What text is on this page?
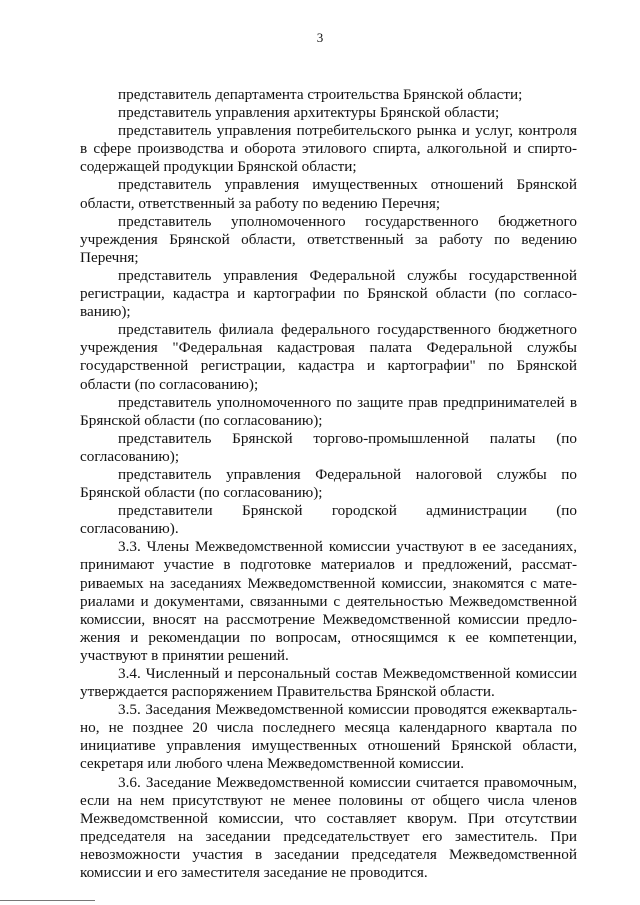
3

представитель департамента строительства Брянской области;

представитель управления архитектуры Брянской области;

представитель управления потребительского рынка и услуг, контроля в сфере производства и оборота этилового спирта, алкогольной и спиртосодержащей продукции Брянской области;

представитель управления имущественных отношений Брянской области, ответственный за работу по ведению Перечня;

представитель уполномоченного государственного бюджетного учреждения Брянской области, ответственный за работу по ведению Перечня;

представитель управления Федеральной службы государственной регистрации, кадастра и картографии по Брянской области (по согласованию);

представитель филиала федерального государственного бюджетного учреждения "Федеральная кадастровая палата Федеральной службы государственной регистрации, кадастра и картографии" по Брянской области (по согласованию);

представитель уполномоченного по защите прав предпринимателей в Брянской области (по согласованию);

представитель Брянской торгово-промышленной палаты (по согласованию);

представитель управления Федеральной налоговой службы по Брянской области (по согласованию);

представители Брянской городской администрации (по согласованию).

3.3. Члены Межведомственной комиссии участвуют в ее заседаниях, принимают участие в подготовке материалов и предложений, рассматриваемых на заседаниях Межведомственной комиссии, знакомятся с материалами и документами, связанными с деятельностью Межведомственной комиссии, вносят на рассмотрение Межведомственной комиссии предложения и рекомендации по вопросам, относящимся к ее компетенции, участвуют в принятии решений.

3.4. Численный и персональный состав Межведомственной комиссии утверждается распоряжением Правительства Брянской области.

3.5. Заседания Межведомственной комиссии проводятся ежеквартально, не позднее 20 числа последнего месяца календарного квартала по инициативе управления имущественных отношений Брянской области, секретаря или любого члена Межведомственной комиссии.

3.6. Заседание Межведомственной комиссии считается правомочным, если на нем присутствуют не менее половины от общего числа членов Межведомственной комиссии, что составляет кворум. При отсутствии председателя на заседании председательствует его заместитель. При невозможности участия в заседании председателя Межведомственной комиссии и его заместителя заседание не проводится.
